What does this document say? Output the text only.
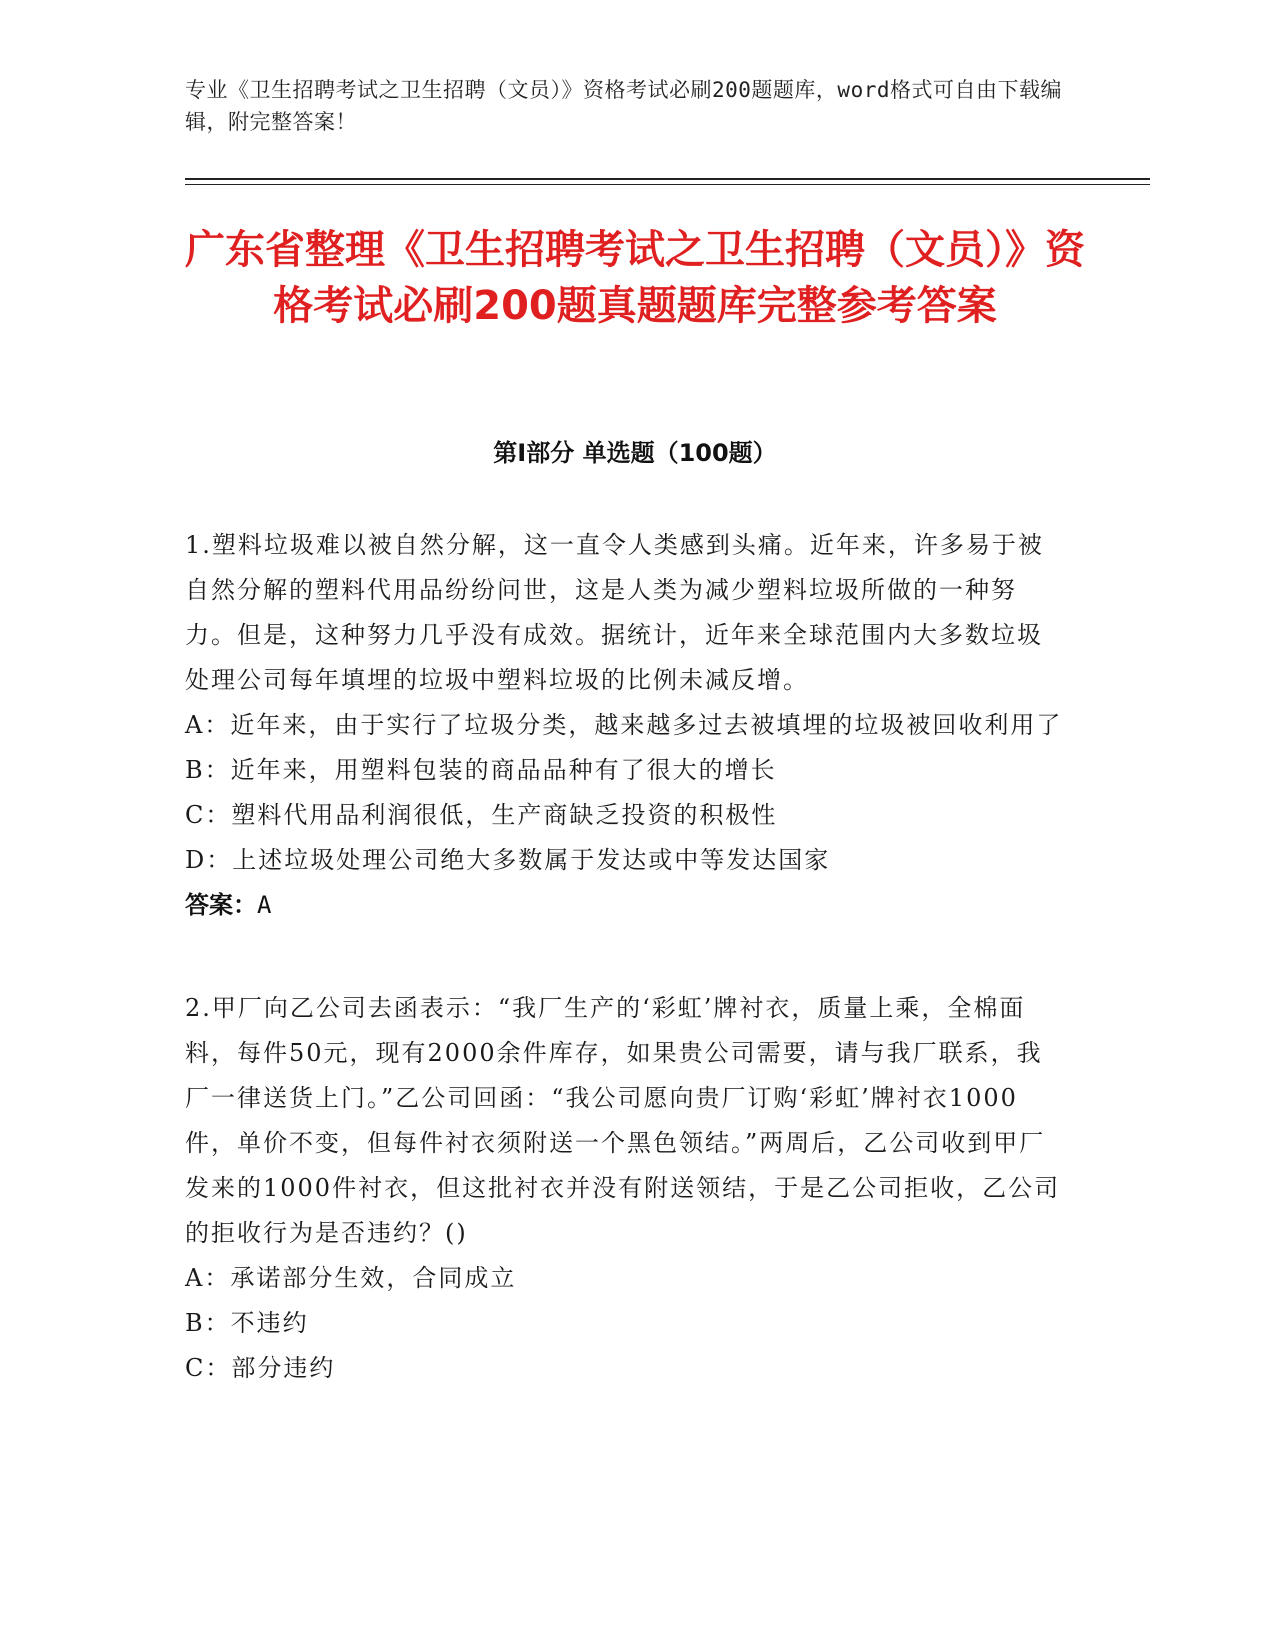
专业《卫生招聘考试之卫生招聘（文员）》资格考试必刷200题题库，word格式可自由下载编辑，附完整答案！
广东省整理《卫生招聘考试之卫生招聘（文员）》资格考试必刷200题真题题库完整参考答案
第I部分 单选题（100题）

1.塑料垃圾难以被自然分解，这一直令人类感到头痛。近年来，许多易于被自然分解的塑料代用品纷纷问世，这是人类为减少塑料垃圾所做的一种努力。但是，这种努力几乎没有成效。据统计，近年来全球范围内大多数垃圾处理公司每年填埋的垃圾中塑料垃圾的比例未减反增。

A：近年来，由于实行了垃圾分类，越来越多过去被填埋的垃圾被回收利用了

B：近年来，用塑料包装的商品品种有了很大的增长

C：塑料代用品利润很低，生产商缺乏投资的积极性

D：上述垃圾处理公司绝大多数属于发达或中等发达国家

答案：A

2.甲厂向乙公司去函表示：“我厂生产的‘彩虹’牌衬衣，质量上乘，全棉面料，每件50元，现有2000余件库存，如果贵公司需要，请与我厂联系，我厂一律送货上门。”乙公司回函：“我公司愿向贵厂订购‘彩虹’牌衬衣1000件，单价不变，但每件衬衣须附送一个黑色领结。”两周后，乙公司收到甲厂发来的1000件衬衣，但这批衬衣并没有附送领结，于是乙公司拒收，乙公司的拒收行为是否违约？()

A：承诺部分生效，合同成立

B：不违约

C：部分违约
